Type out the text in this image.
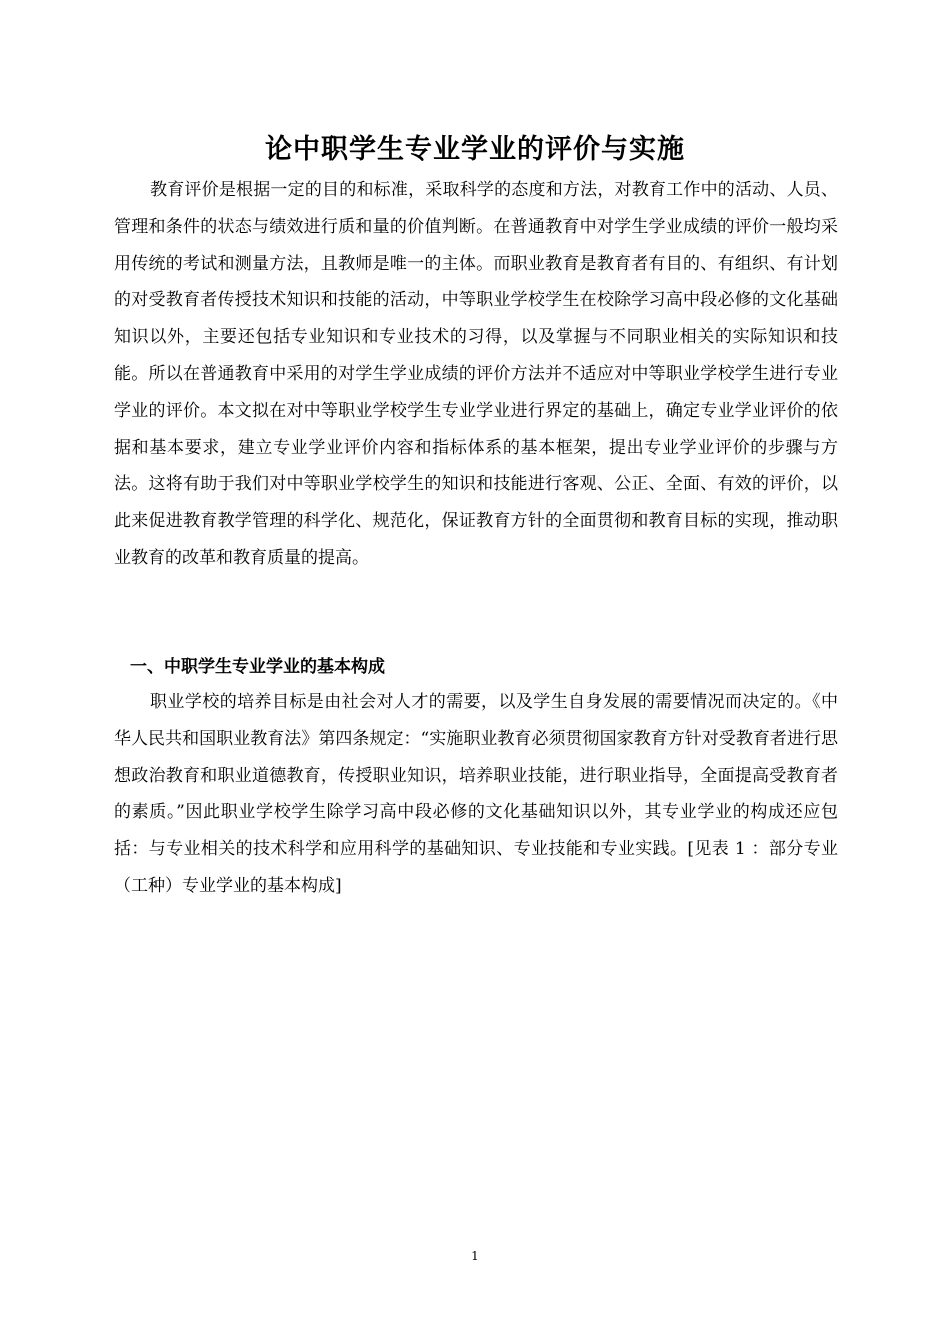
论中职学生专业学业的评价与实施

教育评价是根据一定的目的和标准，采取科学的态度和方法，对教育工作中的活动、人员、管理和条件的状态与绩效进行质和量的价值判断。在普通教育中对学生学业成绩的评价一般均采用传统的考试和测量方法，且教师是唯一的主体。而职业教育是教育者有目的、有组织、有计划的对受教育者传授技术知识和技能的活动，中等职业学校学生在校除学习高中段必修的文化基础知识以外，主要还包括专业知识和专业技术的习得，以及掌握与不同职业相关的实际知识和技能。所以在普通教育中采用的对学生学业成绩的评价方法并不适应对中等职业学校学生进行专业学业的评价。本文拟在对中等职业学校学生专业学业进行界定的基础上，确定专业学业评价的依据和基本要求，建立专业学业评价内容和指标体系的基本框架，提出专业学业评价的步骤与方法。这将有助于我们对中等职业学校学生的知识和技能进行客观、公正、全面、有效的评价，以此来促进教育教学管理的科学化、规范化，保证教育方针的全面贯彻和教育目标的实现，推动职业教育的改革和教育质量的提高。

一、中职学生专业学业的基本构成

职业学校的培养目标是由社会对人才的需要，以及学生自身发展的需要情况而决定的。《中华人民共和国职业教育法》第四条规定：“实施职业教育必须贯彻国家教育方针对受教育者进行思想政治教育和职业道德教育，传授职业知识，培养职业技能，进行职业指导，全面提高受教育者的素质。”因此职业学校学生除学习高中段必修的文化基础知识以外，其专业学业的构成还应包括：与专业相关的技术科学和应用科学的基础知识、专业技能和专业实践。[见表 1 ：部分专业（工种）专业学业的基本构成]

1
